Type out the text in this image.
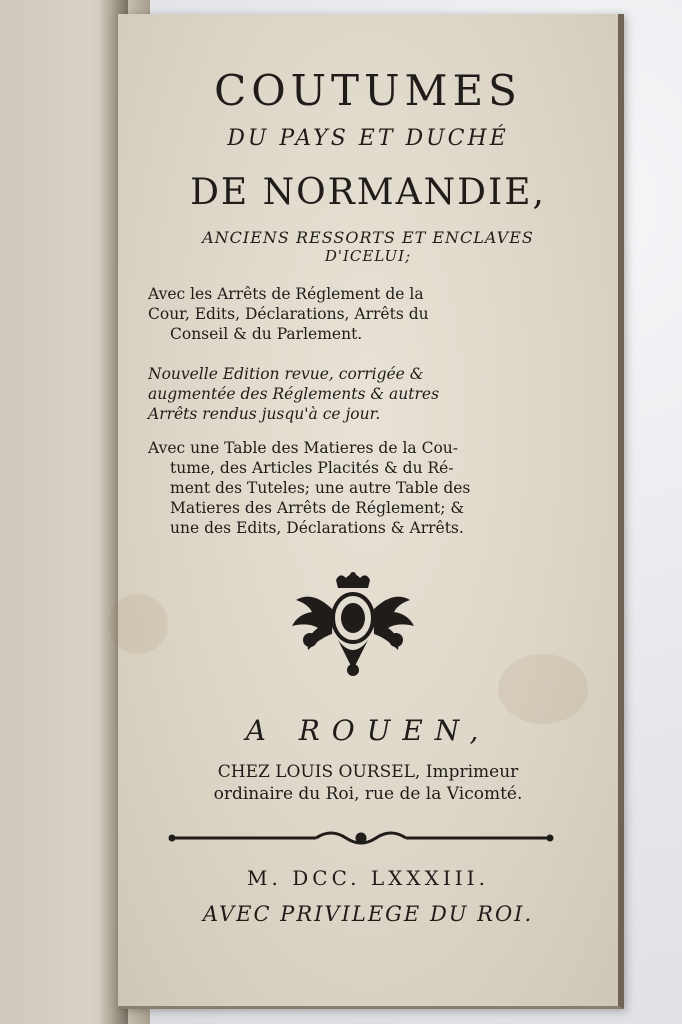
COUTUMES
DU PAYS ET DUCHÉ
DE NORMANDIE,
ANCIENS RESSORTS ET ENCLAVES
D'ICELUI;
Avec les Arrêts de Réglement de la
Cour, Edits, Déclarations, Arrêts du
Conseil & du Parlement.
Nouvelle Edition revue, corrigée &
augmentée des Réglements & autres
Arrêts rendus jusqu'à ce jour.
Avec une Table des Matieres de la Cou-
tume, des Articles Placités & du Ré-
ment des Tuteles; une autre Table des
Matieres des Arrêts de Réglement; &
une des Edits, Déclarations & Arrêts.
A ROUEN,
CHEZ LOUIS OURSEL, Imprimeur
ordinaire du Roi, rue de la Vicomté.
M. DCC. LXXXIII.
AVEC PRIVILEGE DU ROI.
